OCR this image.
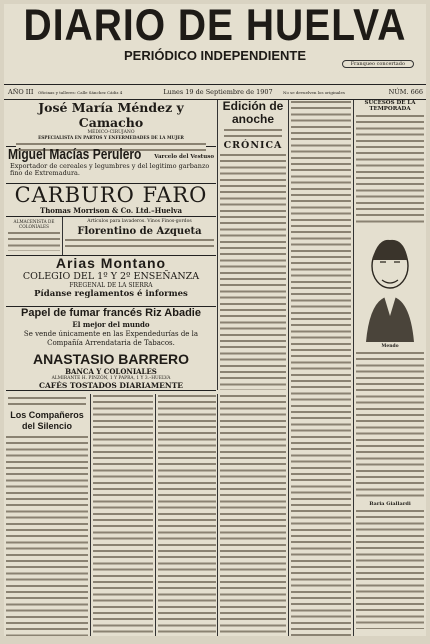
DIARIO DE HUELVA
PERIÓDICO INDEPENDIENTE
Franqueo concertado
AÑO III	Oficinas y talleres: Calle Sánchez Cádiz 4	Lunes 19 de Septiembre de 1907	No se devuelven los originales	NÚM. 666
José María Méndez y Camacho
MÉDICO-CIRUJANO
ESPECIALISTA EN PARTOS Y ENFERMEDADES DE LA MUJER
Miguel Macías Perulero Varcelo del Vestuso
Exportador de cereales y legumbres y del legitimo garbanzo fino de Extremadura.
CARBURO FARO
Thomas Morrison & Co. Ltd.–Huelva
ALMACENISTA DE COLONIALES
Artículos para lavaderos. Vinos Finos-gordos
Florentino de Azqueta
Arias Montano
COLEGIO DEL 1º Y 2º ENSEÑANZA
FREGENAL DE LA SIERRA
Pídanse reglamentos é informes
Papel de fumar francés Riz Abadie
El mejor del mundo
Se vende únicamente en las Expendedurías de la Compañía Arrendataria de Tabacos.
ANASTASIO BARRERO
BANCA Y COLONIALES
ALMIRANTE H. PINZÓN, 1 Y PAPRA, 1 Y 3.–HUELVA
CAFÉS TOSTADOS DIARIAMENTE
Edición de anoche
CRÓNICA
SUCESOS DE LA TEMPORADA
Mendo
Baria Giallardi
Los Compañeros del Silencio
